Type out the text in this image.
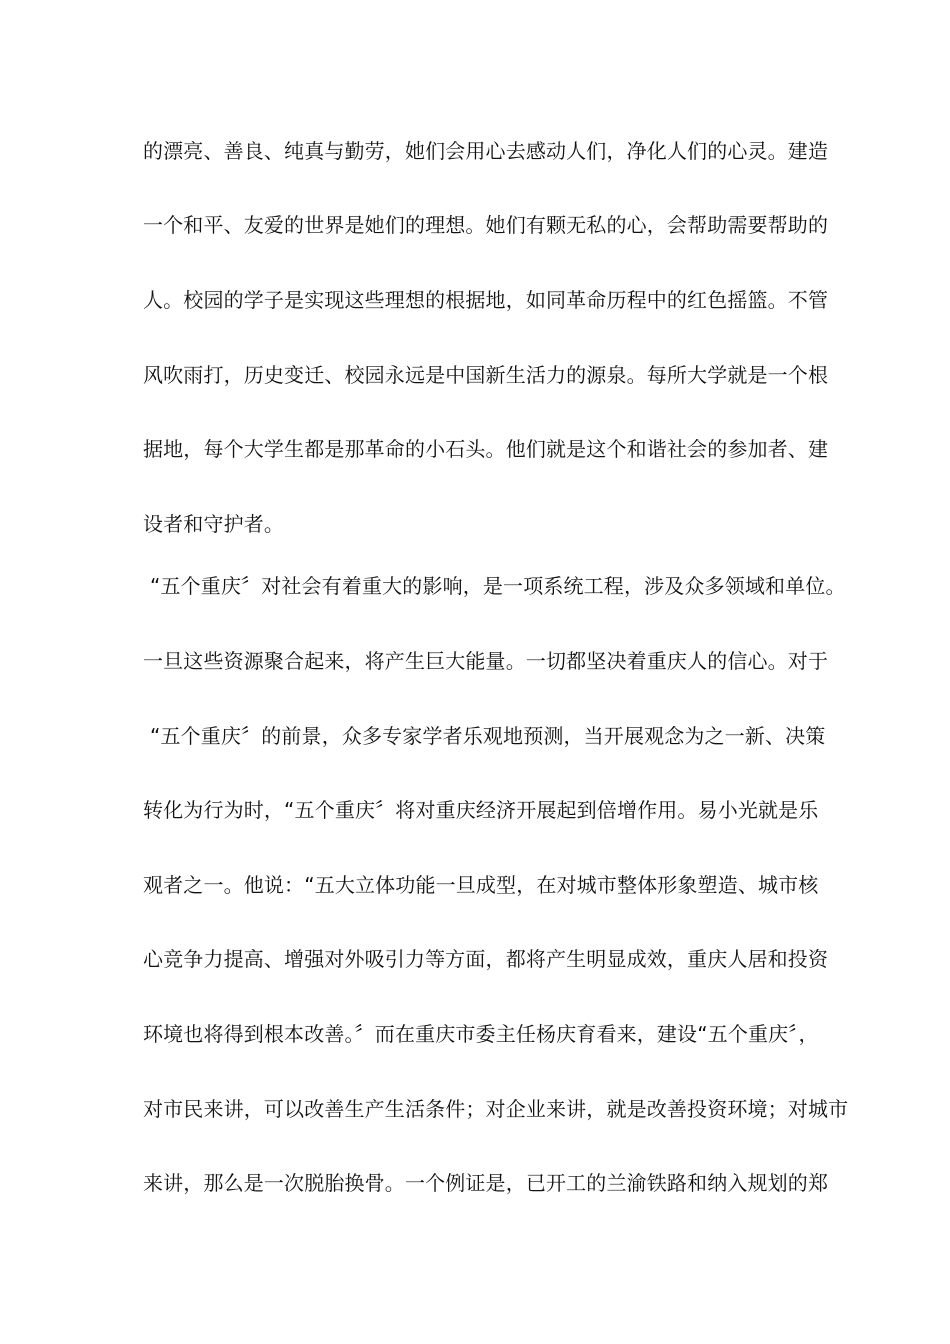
的漂亮、善良、纯真与勤劳，她们会用心去感动人们，净化人们的心灵。建造
一个和平、友爱的世界是她们的理想。她们有颗无私的心，会帮助需要帮助的
人。校园的学子是实现这些理想的根据地，如同革命历程中的红色摇篮。不管
风吹雨打，历史变迁、校园永远是中国新生活力的源泉。每所大学就是一个根
据地，每个大学生都是那革命的小石头。他们就是这个和谐社会的参加者、建
设者和守护者。
“五个重庆〞对社会有着重大的影响，是一项系统工程，涉及众多领域和单位。
一旦这些资源聚合起来，将产生巨大能量。一切都坚决着重庆人的信心。对于
“五个重庆〞的前景，众多专家学者乐观地预测，当开展观念为之一新、决策
转化为行为时，“五个重庆〞将对重庆经济开展起到倍增作用。易小光就是乐
观者之一。他说：“五大立体功能一旦成型，在对城市整体形象塑造、城市核
心竞争力提高、增强对外吸引力等方面，都将产生明显成效，重庆人居和投资
环境也将得到根本改善。〞而在重庆市委主任杨庆育看来，建设“五个重庆〞，
对市民来讲，可以改善生产生活条件；对企业来讲，就是改善投资环境；对城市
来讲，那么是一次脱胎换骨。一个例证是，已开工的兰渝铁路和纳入规划的郑
